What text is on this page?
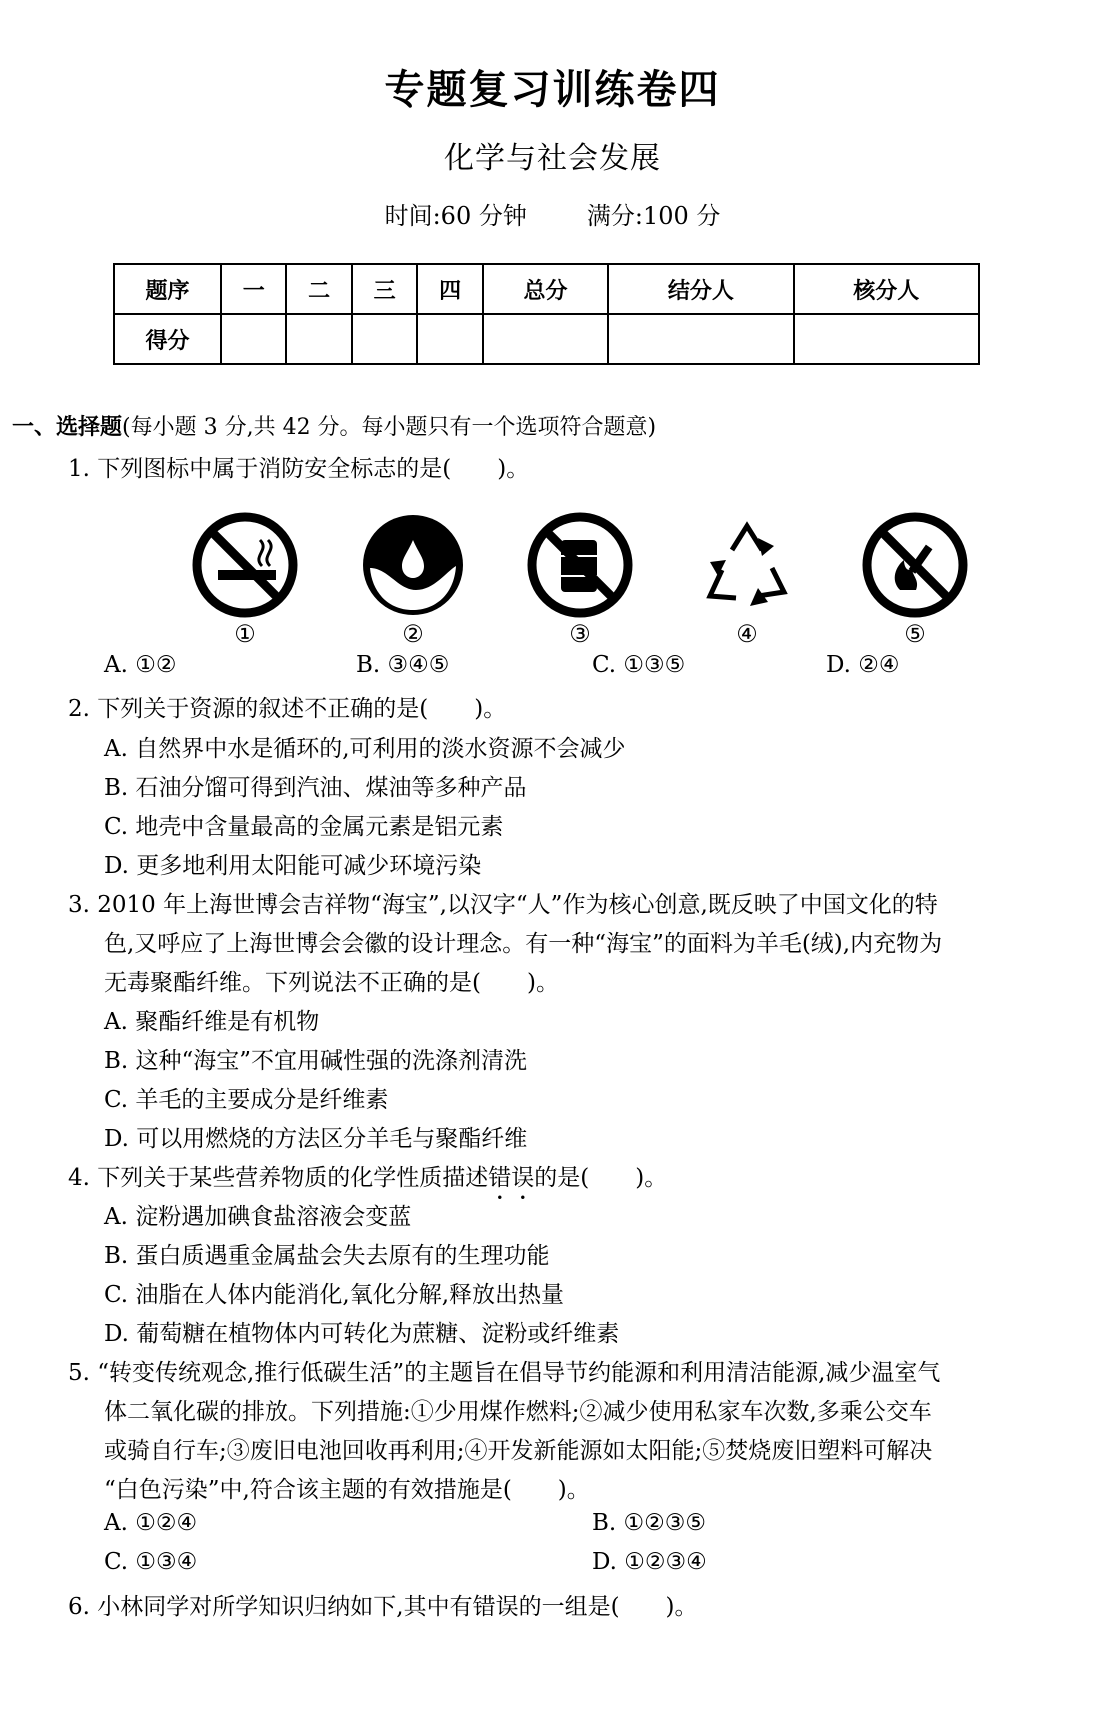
专题复习训练卷四
化学与社会发展
时间:60 分钟	满分:100 分
题序	一	二	三	四	总分	结分人	核分人
得分							
一、选择题(每小题 3 分,共 42 分。每小题只有一个选项符合题意)
1. 下列图标中属于消防安全标志的是(　　)。
①	②	③	④	⑤
A. ①②	B. ③④⑤	C. ①③⑤	D. ②④
2. 下列关于资源的叙述不正确的是(　　)。
A. 自然界中水是循环的,可利用的淡水资源不会减少
B. 石油分馏可得到汽油、煤油等多种产品
C. 地壳中含量最高的金属元素是铝元素
D. 更多地利用太阳能可减少环境污染
3. 2010 年上海世博会吉祥物“海宝”,以汉字“人”作为核心创意,既反映了中国文化的特
色,又呼应了上海世博会会徽的设计理念。有一种“海宝”的面料为羊毛(绒),内充物为
无毒聚酯纤维。下列说法不正确的是(　　)。
A. 聚酯纤维是有机物
B. 这种“海宝”不宜用碱性强的洗涤剂清洗
C. 羊毛的主要成分是纤维素
D. 可以用燃烧的方法区分羊毛与聚酯纤维
4. 下列关于某些营养物质的化学性质描述错误的是(　　)。
A. 淀粉遇加碘食盐溶液会变蓝
B. 蛋白质遇重金属盐会失去原有的生理功能
C. 油脂在人体内能消化,氧化分解,释放出热量
D. 葡萄糖在植物体内可转化为蔗糖、淀粉或纤维素
5. “转变传统观念,推行低碳生活”的主题旨在倡导节约能源和利用清洁能源,减少温室气
体二氧化碳的排放。下列措施:①少用煤作燃料;②减少使用私家车次数,多乘公交车
或骑自行车;③废旧电池回收再利用;④开发新能源如太阳能;⑤焚烧废旧塑料可解决
“白色污染”中,符合该主题的有效措施是(　　)。
A. ①②④	B. ①②③⑤
C. ①③④	D. ①②③④
6. 小林同学对所学知识归纳如下,其中有错误的一组是(　　)。
